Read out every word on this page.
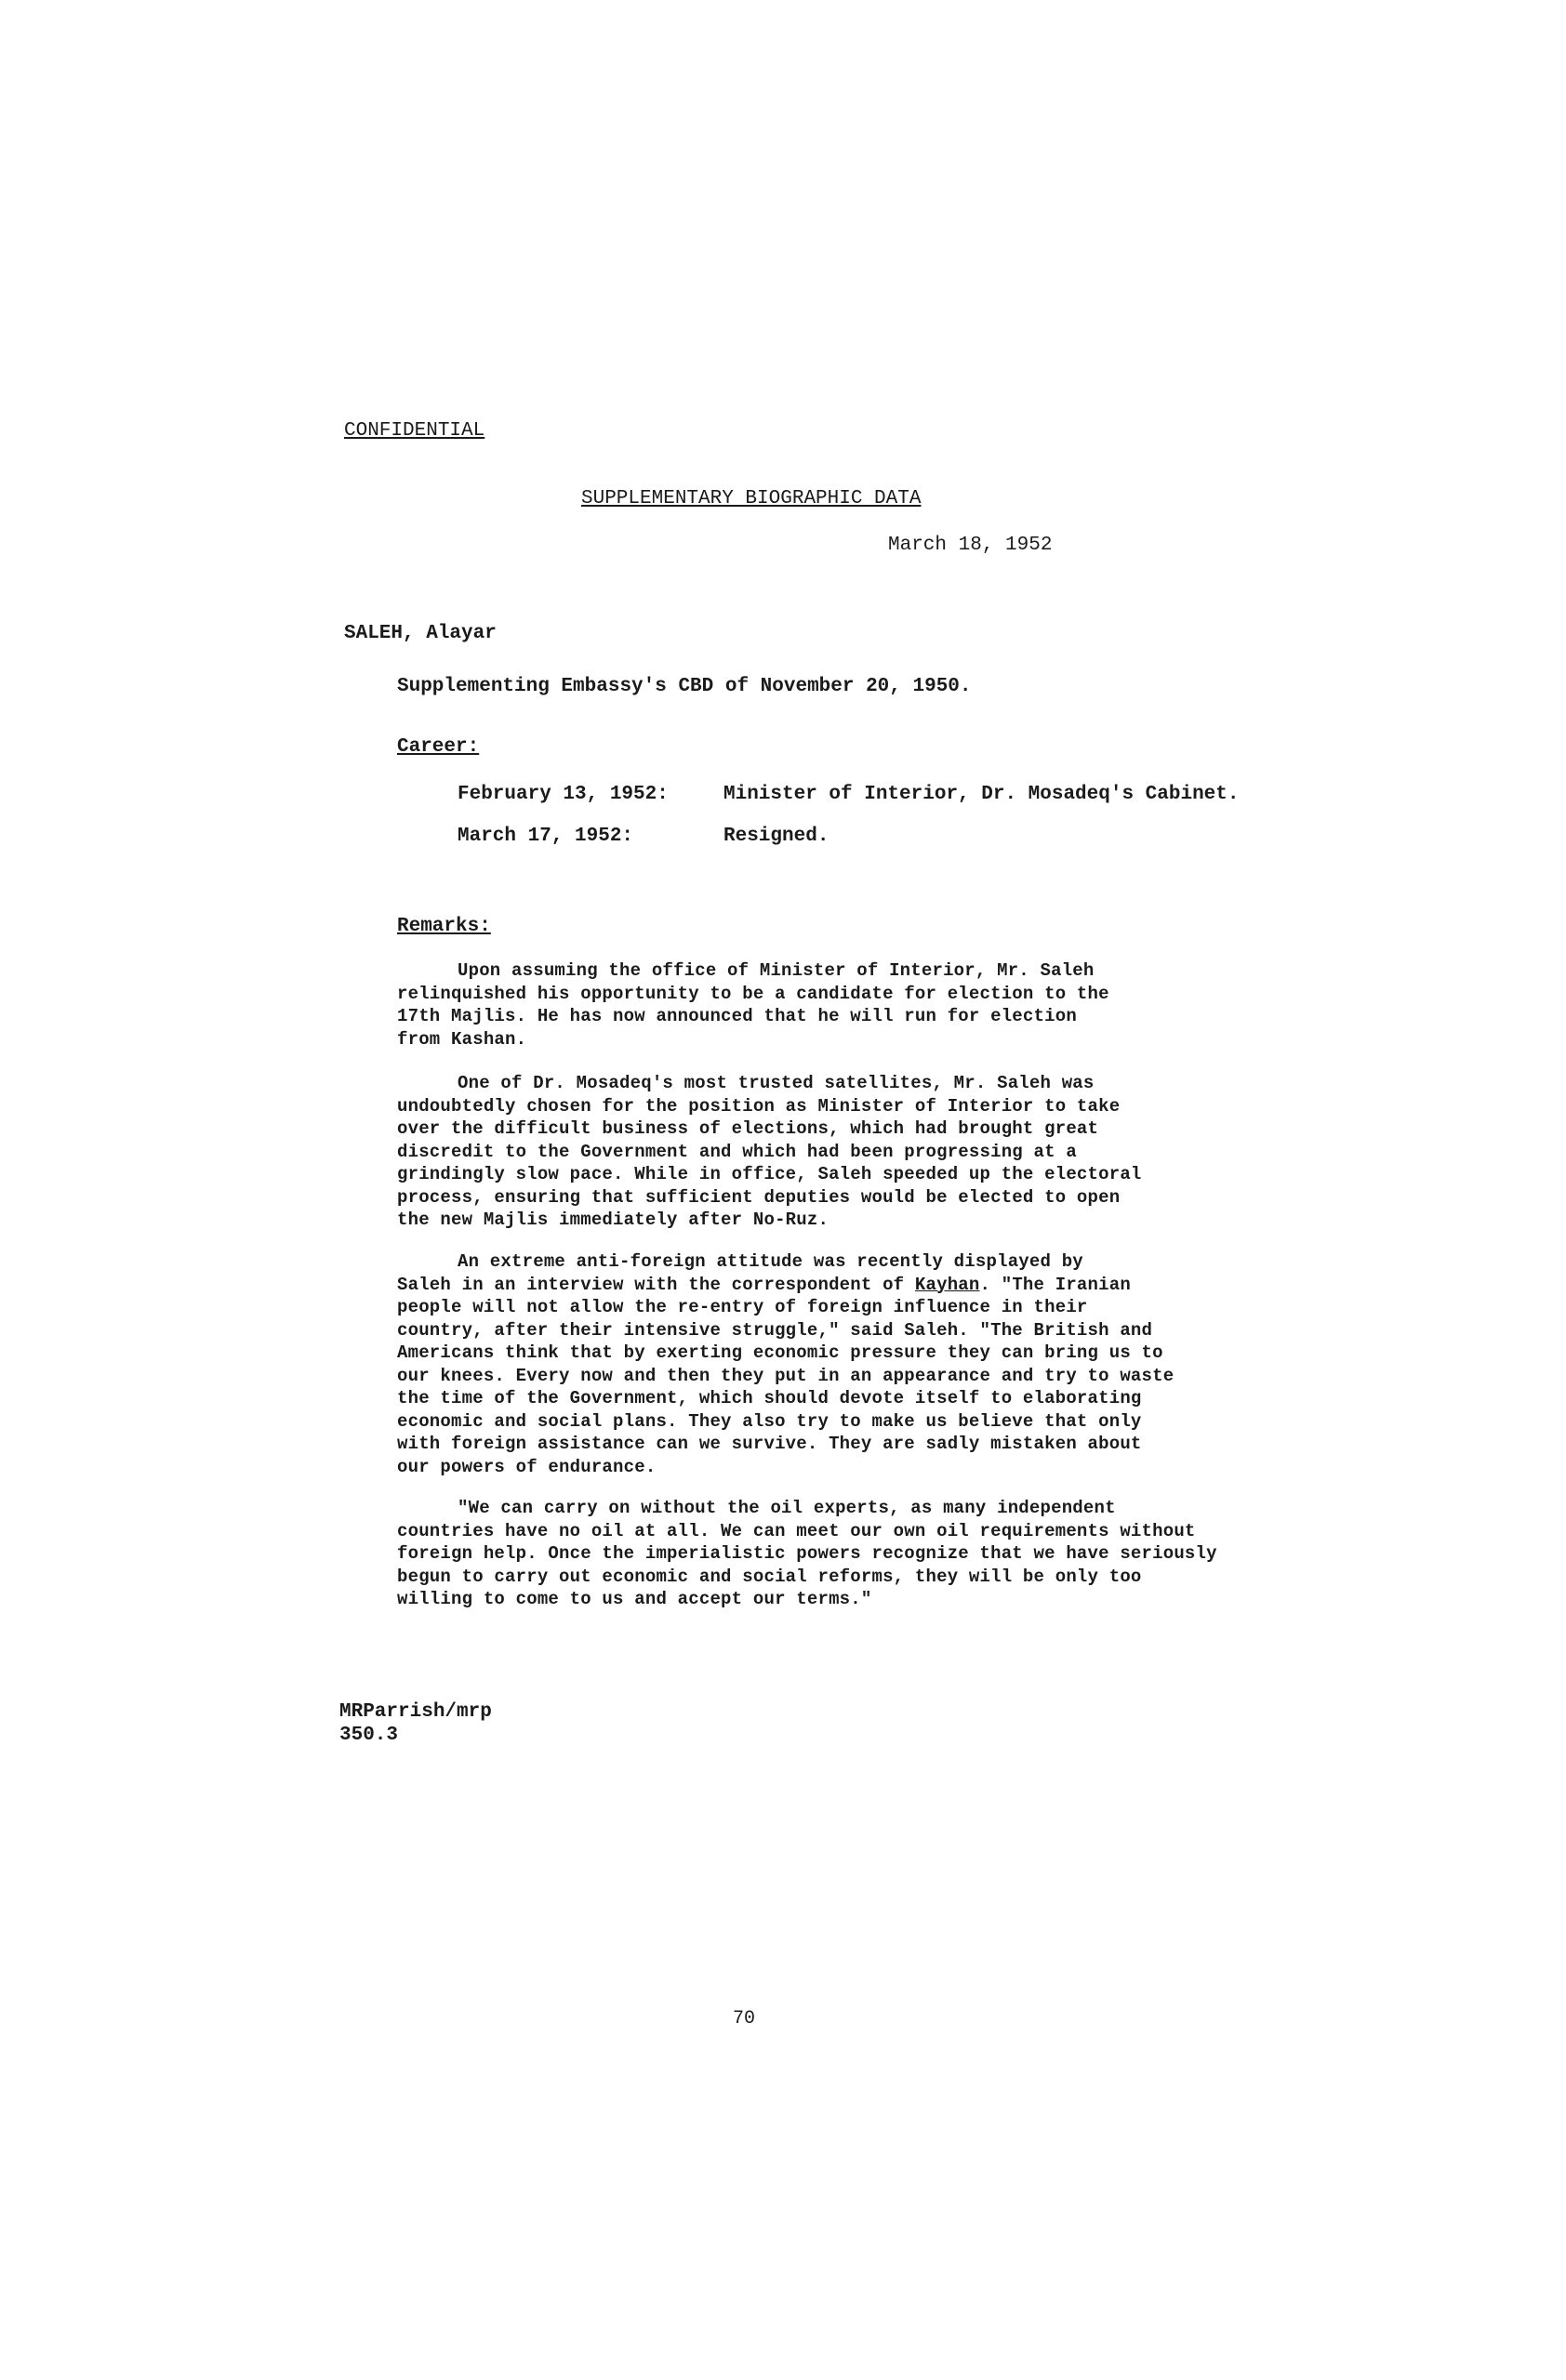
CONFIDENTIAL
SUPPLEMENTARY BIOGRAPHIC DATA
March 18, 1952
SALEH, Alayar
Supplementing Embassy's CBD of November 20, 1950.
Career:
February 13, 1952:	Minister of Interior, Dr. Mosadeq's Cabinet.
March 17, 1952:	Resigned.
Remarks:
Upon assuming the office of Minister of Interior, Mr. Saleh
relinquished his opportunity to be a candidate for election to the
17th Majlis. He has now announced that he will run for election
from Kashan.
One of Dr. Mosadeq's most trusted satellites, Mr. Saleh was
undoubtedly chosen for the position as Minister of Interior to take
over the difficult business of elections, which had brought great
discredit to the Government and which had been progressing at a
grindingly slow pace. While in office, Saleh speeded up the electoral
process, ensuring that sufficient deputies would be elected to open
the new Majlis immediately after No-Ruz.
An extreme anti-foreign attitude was recently displayed by
Saleh in an interview with the correspondent of Kayhan. "The Iranian
people will not allow the re-entry of foreign influence in their
country, after their intensive struggle," said Saleh. "The British and
Americans think that by exerting economic pressure they can bring us to
our knees. Every now and then they put in an appearance and try to waste
the time of the Government, which should devote itself to elaborating
economic and social plans. They also try to make us believe that only
with foreign assistance can we survive. They are sadly mistaken about
our powers of endurance.
"We can carry on without the oil experts, as many independent
countries have no oil at all. We can meet our own oil requirements without
foreign help. Once the imperialistic powers recognize that we have seriously
begun to carry out economic and social reforms, they will be only too
willing to come to us and accept our terms."
MRParrish/mrp
350.3
70
